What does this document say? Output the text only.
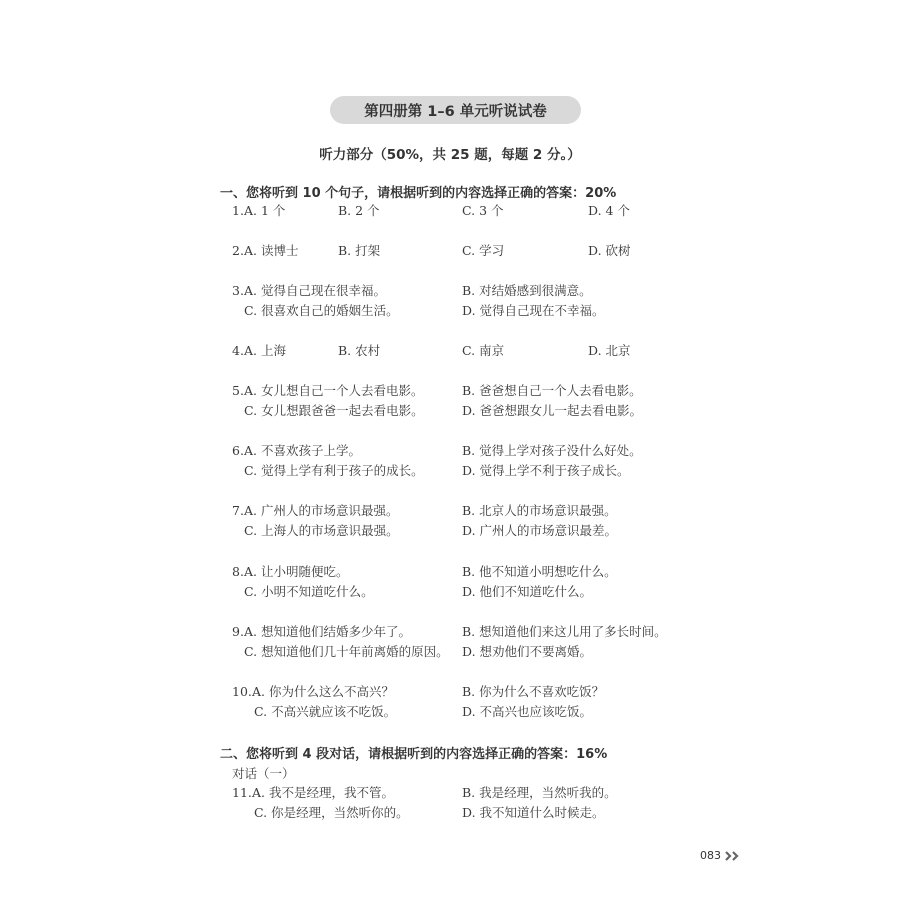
第四册第 1–6 单元听说试卷
听力部分（50%，共 25 题，每题 2 分。）
一、您将听到 10 个句子，请根据听到的内容选择正确的答案：20%
1. A. 1 个	B. 2 个	C. 3 个	D. 4 个
2. A. 读博士	B. 打架	C. 学习	D. 砍树
3. A. 觉得自己现在很幸福。	B. 对结婚感到很满意。
C. 很喜欢自己的婚姻生活。	D. 觉得自己现在不幸福。
4. A. 上海	B. 农村	C. 南京	D. 北京
5. A. 女儿想自己一个人去看电影。	B. 爸爸想自己一个人去看电影。
C. 女儿想跟爸爸一起去看电影。	D. 爸爸想跟女儿一起去看电影。
6. A. 不喜欢孩子上学。	B. 觉得上学对孩子没什么好处。
C. 觉得上学有利于孩子的成长。	D. 觉得上学不利于孩子成长。
7. A. 广州人的市场意识最强。	B. 北京人的市场意识最强。
C. 上海人的市场意识最强。	D. 广州人的市场意识最差。
8. A. 让小明随便吃。	B. 他不知道小明想吃什么。
C. 小明不知道吃什么。	D. 他们不知道吃什么。
9. A. 想知道他们结婚多少年了。	B. 想知道他们来这儿用了多长时间。
C. 想知道他们几十年前离婚的原因。 D. 想劝他们不要离婚。
10. A. 你为什么这么不高兴？	B. 你为什么不喜欢吃饭？
C. 不高兴就应该不吃饭。	D. 不高兴也应该吃饭。
二、您将听到 4 段对话，请根据听到的内容选择正确的答案：16%
对话（一）
11. A. 我不是经理，我不管。	B. 我是经理，当然听我的。
C. 你是经理，当然听你的。	D. 我不知道什么时候走。
083
